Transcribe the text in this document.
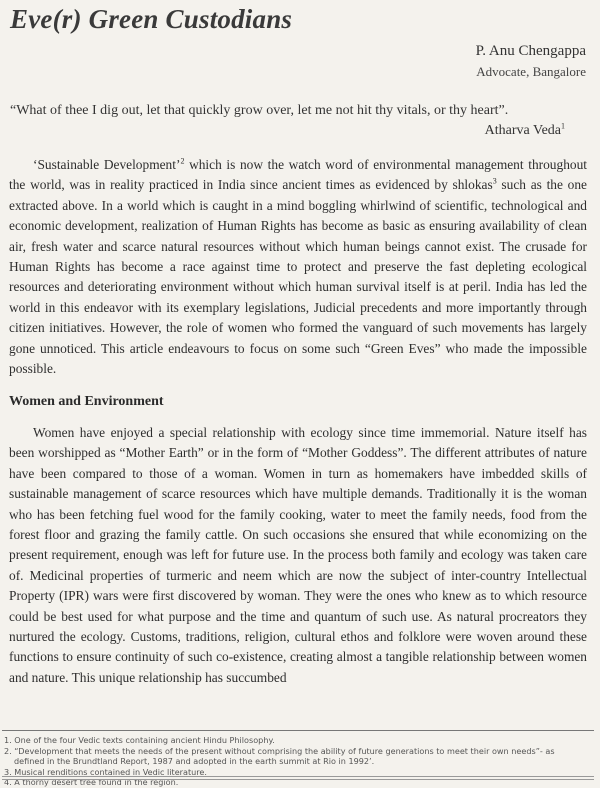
Eve(r) Green Custodians
P. Anu Chengappa
Advocate, Bangalore
“What of thee I dig out, let that quickly grow over, let me not hit thy vitals, or thy heart”.
Atharva Veda$^1$

‘Sustainable Development’$^2$ which is now the watch word of environmental management throughout the world, was in reality practiced in India since ancient times as evidenced by shlokas$^3$ such as the one extracted above. In a world which is caught in a mind boggling whirlwind of scientific, technological and economic development, realization of Human Rights has become as basic as ensuring availability of clean air, fresh water and scarce natural resources without which human beings cannot exist. The crusade for Human Rights has become a race against time to protect and preserve the fast depleting ecological resources and deteriorating environment without which human survival itself is at peril. India has led the world in this endeavor with its exemplary legislations, Judicial precedents and more importantly through citizen initiatives. However, the role of women who formed the vanguard of such movements has largely gone unnoticed. This article endeavours to focus on some such “Green Eves” who made the impossible possible.

Women and Environment

Women have enjoyed a special relationship with ecology since time immemorial. Nature itself has been worshipped as “Mother Earth” or in the form of “Mother Goddess”. The different attributes of nature have been compared to those of a woman. Women in turn as homemakers have imbedded skills of sustainable management of scarce resources which have multiple demands. Traditionally it is the woman who has been fetching fuel wood for the family cooking, water to meet the family needs, food from the forest floor and grazing the family cattle. On such occasions she ensured that while economizing on the present requirement, enough was left for future use. In the process both family and ecology was taken care of. Medicinal properties of turmeric and neem which are now the subject of inter-country Intellectual Property (IPR) wars were first discovered by woman. They were the ones who knew as to which resource could be best used for what purpose and the time and quantum of such use. As natural procreators they nurtured the ecology. Customs, traditions, religion, cultural ethos and folklore were woven around these functions to ensure continuity of such co-existence, creating almost a tangible relationship between women and nature. This unique relationship has succumbed

1. One of the four Vedic texts containing ancient Hindu Philosophy.

2. “Development that meets the needs of the present without comprising the ability of future generations to meet their own needs”- as

defined in the Brundtland Report, 1987 and adopted in the earth summit at Rio in 1992’.

3. Musical renditions contained in Vedic literature.

4. A thorny desert tree found in the region.
